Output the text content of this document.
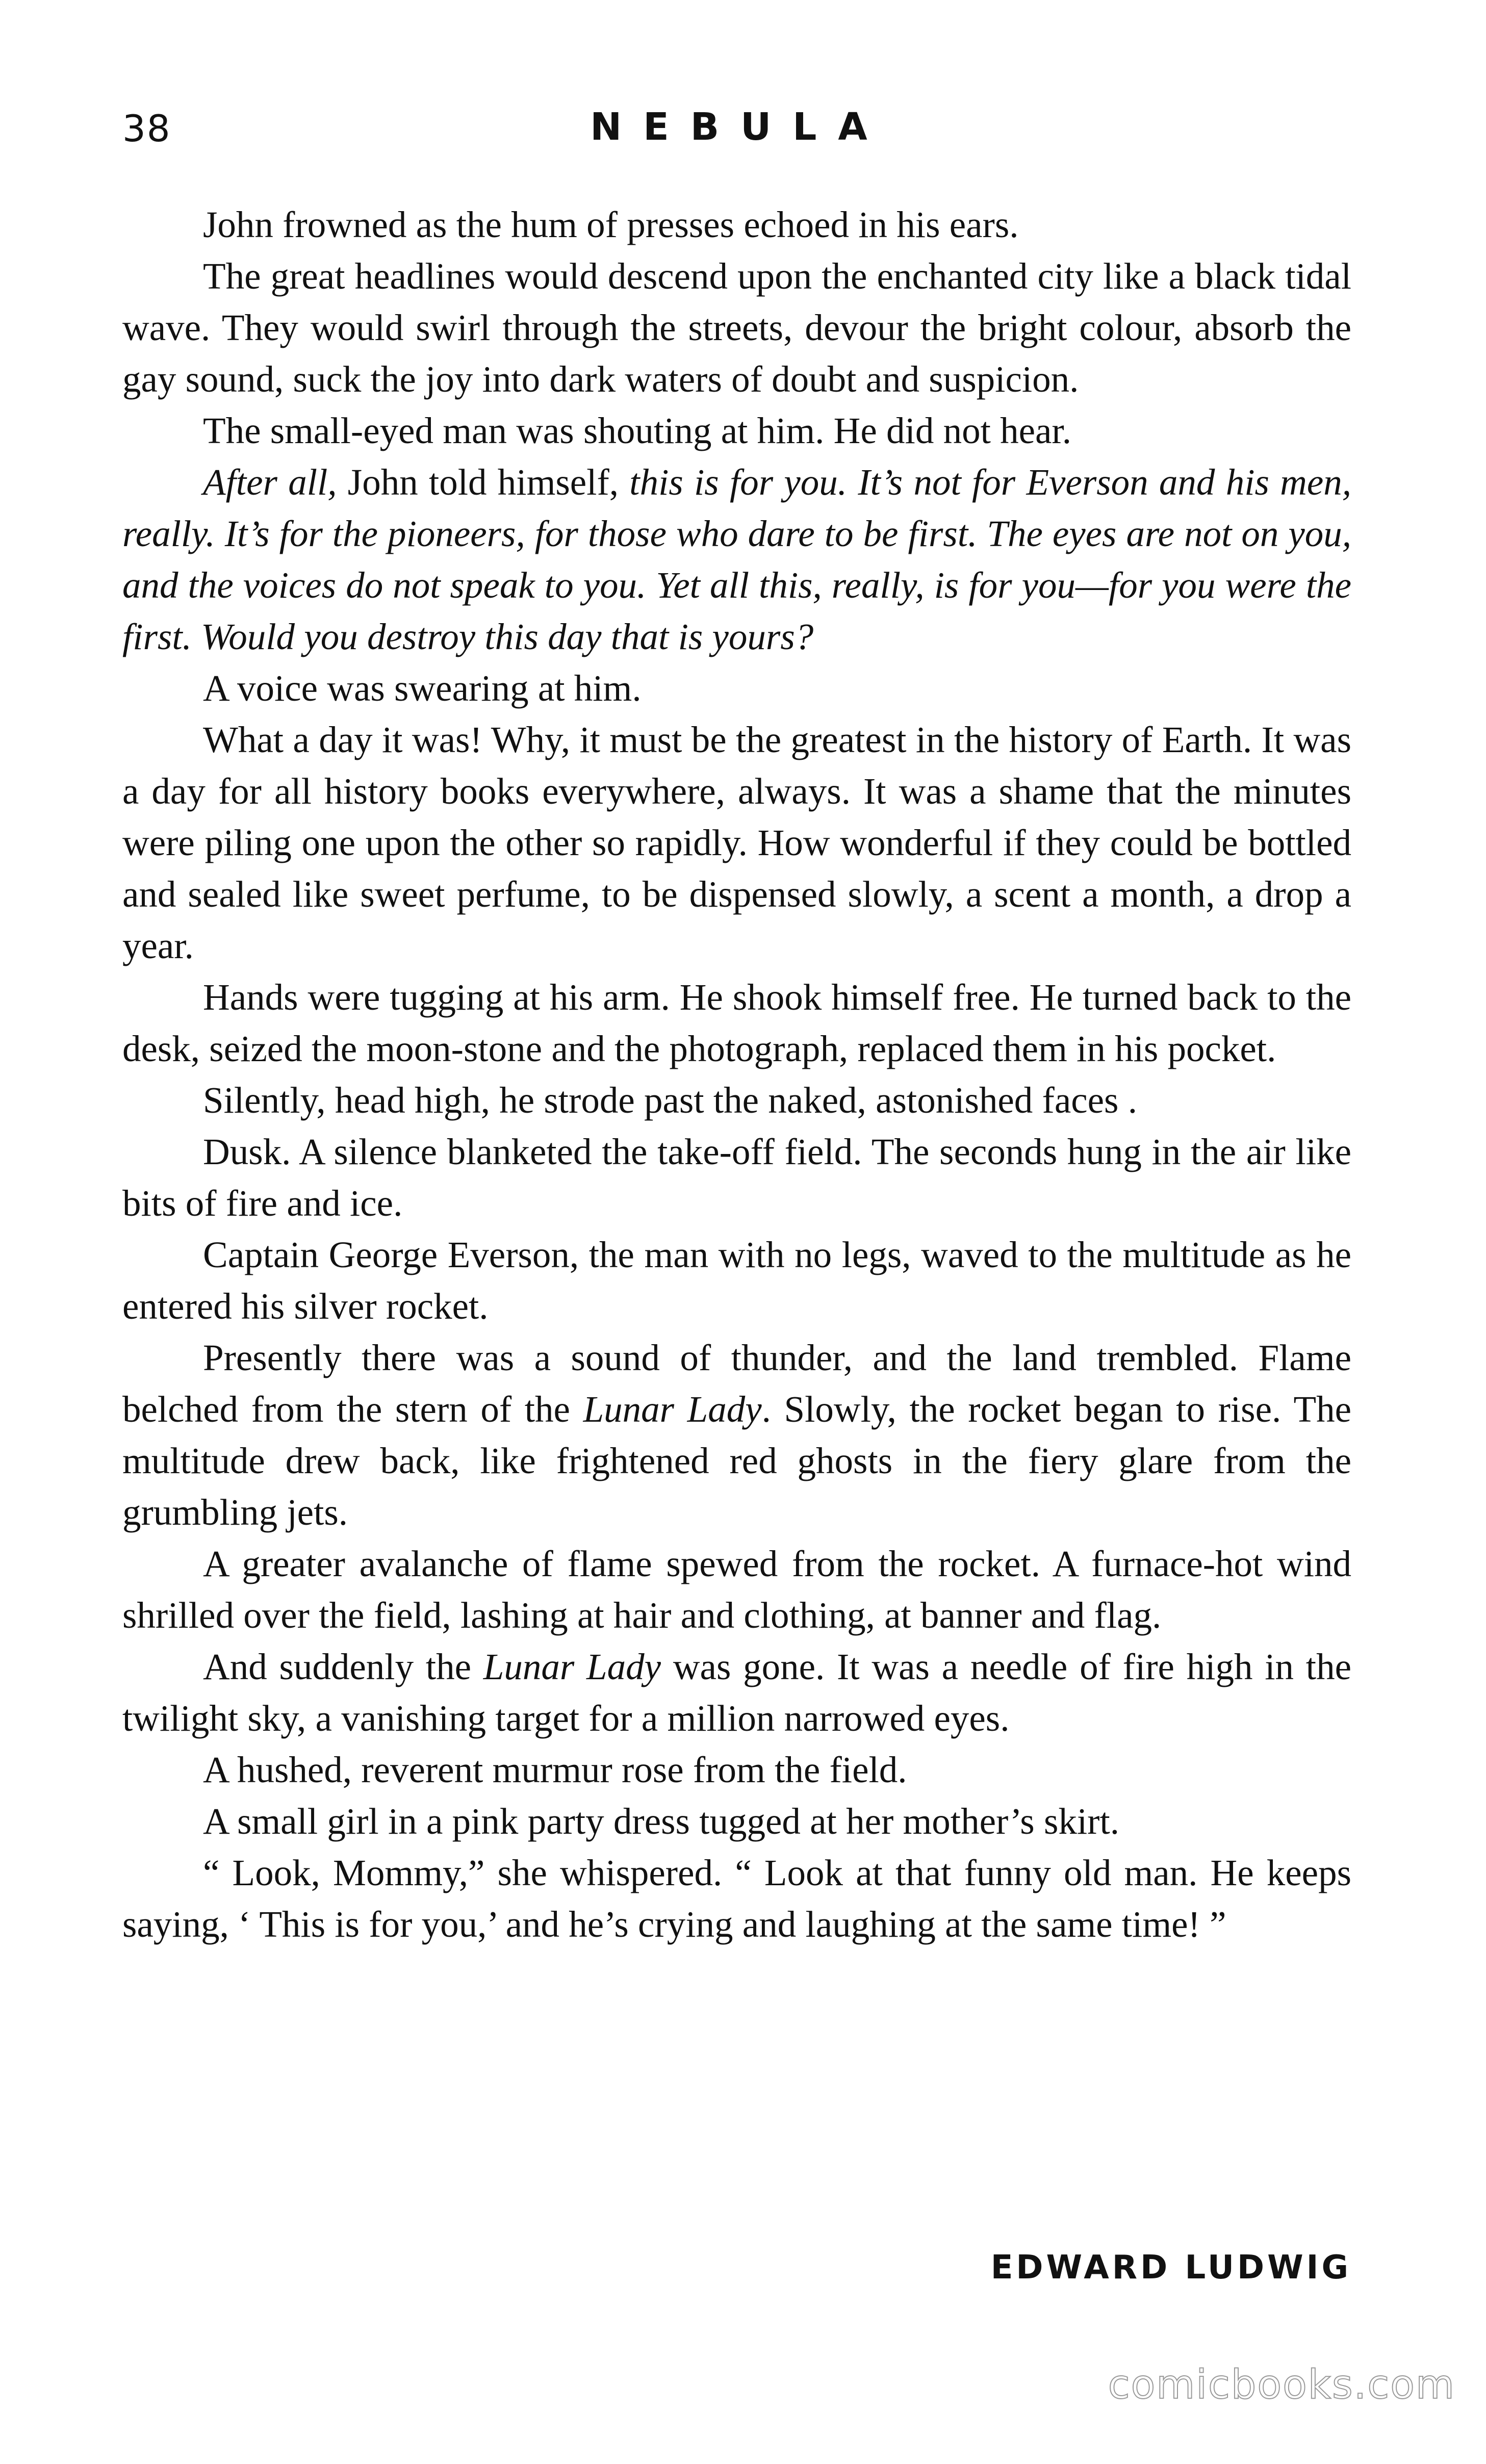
38	NEBULA

John frowned as the hum of presses echoed in his ears.

The great headlines would descend upon the enchanted city like a black tidal wave. They would swirl through the streets, devour the bright colour, absorb the gay sound, suck the joy into dark waters of doubt and suspicion.

The small-eyed man was shouting at him. He did not hear.

After all, John told himself, this is for you. It’s not for Everson and his men, really. It’s for the pioneers, for those who dare to be first. The eyes are not on you, and the voices do not speak to you. Yet all this, really, is for you—for you were the first. Would you destroy this day that is yours?

A voice was swearing at him.

What a day it was! Why, it must be the greatest in the history of Earth. It was a day for all history books everywhere, always. It was a shame that the minutes were piling one upon the other so rapidly. How wonderful if they could be bottled and sealed like sweet perfume, to be dispensed slowly, a scent a month, a drop a year.

Hands were tugging at his arm. He shook himself free. He turned back to the desk, seized the moon-stone and the photograph, replaced them in his pocket.

Silently, head high, he strode past the naked, astonished faces .

Dusk. A silence blanketed the take-off field. The seconds hung in the air like bits of fire and ice.

Captain George Everson, the man with no legs, waved to the multitude as he entered his silver rocket.

Presently there was a sound of thunder, and the land trembled. Flame belched from the stern of the Lunar Lady. Slowly, the rocket began to rise. The multitude drew back, like frightened red ghosts in the fiery glare from the grumbling jets.

A greater avalanche of flame spewed from the rocket. A furnace-hot wind shrilled over the field, lashing at hair and clothing, at banner and flag.

And suddenly the Lunar Lady was gone. It was a needle of fire high in the twilight sky, a vanishing target for a million narrowed eyes.

A hushed, reverent murmur rose from the field.

A small girl in a pink party dress tugged at her mother’s skirt.

“ Look, Mommy,” she whispered. “ Look at that funny old man. He keeps saying, ‘ This is for you,’ and he’s crying and laughing at the same time! ”

EDWARD LUDWIG
comicbooks.com
